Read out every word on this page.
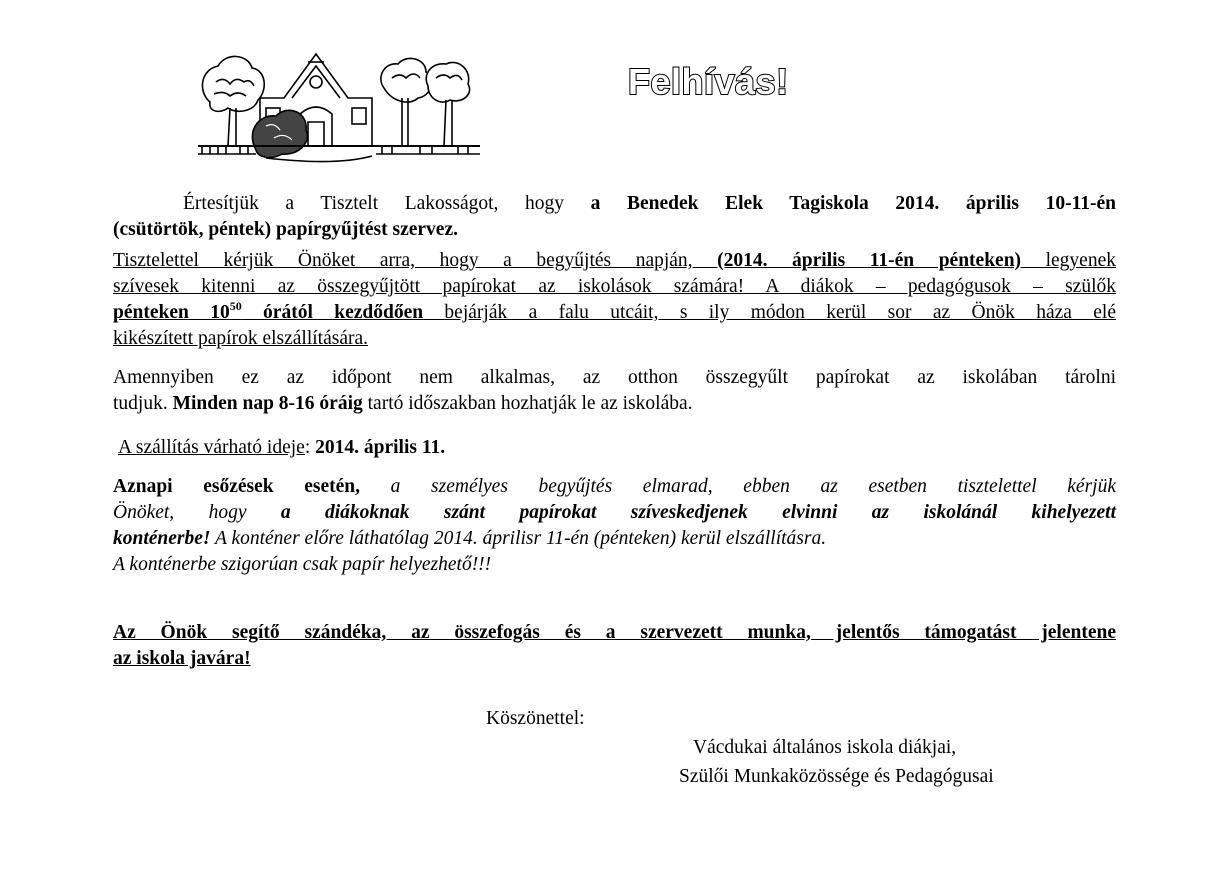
Felhívás!
Értesítjük a Tisztelt Lakosságot, hogy a Benedek Elek Tagiskola 2014. április 10-11-én
(csütörtök, péntek) papírgyűjtést szervez.
Tisztelettel kérjük Önöket arra, hogy a begyűjtés napján, (2014. április 11-én pénteken) legyenek
szívesek kitenni az összegyűjtött papírokat az iskolások számára! A diákok – pedagógusok – szülők
pénteken $10^{50}$ órától kezdődően bejárják a falu utcáit, s ily módon kerül sor az Önök háza elé
kikészített papírok elszállítására.
Amennyiben ez az időpont nem alkalmas, az otthon összegyűlt papírokat az iskolában tárolni
tudjuk. Minden nap 8-16 óráig tartó időszakban hozhatják le az iskolába.
A szállítás várható ideje: 2014. április 11.
Aznapi esőzések esetén, a személyes begyűjtés elmarad, ebben az esetben tisztelettel kérjük
Önöket, hogy a diákoknak szánt papírokat szíveskedjenek elvinni az iskolánál kihelyezett
konténerbe! A konténer előre láthatólag 2014. áprilisr 11-én (pénteken) kerül elszállításra.
A konténerbe szigorúan csak papír helyezhető!!!
Az Önök segítő szándéka, az összefogás és a szervezett munka, jelentős támogatást jelentene
az iskola javára!
Köszönettel:
Vácdukai általános iskola diákjai,
Szülői Munkaközössége és Pedagógusai
